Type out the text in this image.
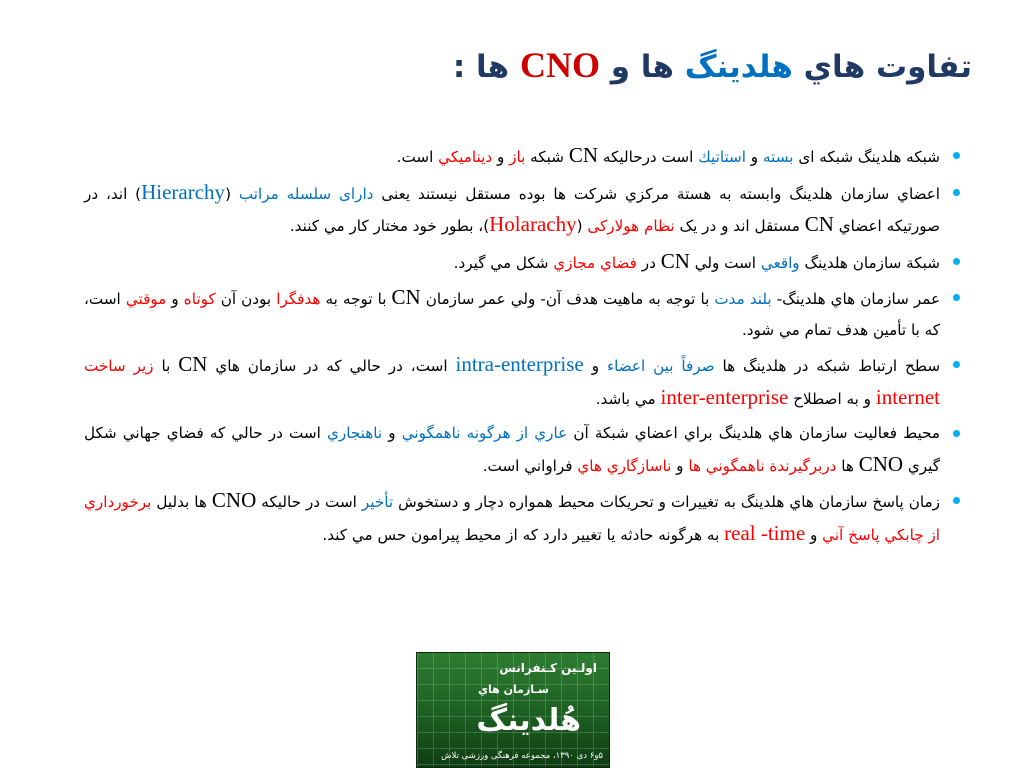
تفاوت هاي هلدينگ ها و CNO ها :
شبكه هلدينگ شبكه ای بسته و استاتيك است درحاليكه CN شبكه باز و ديناميكي است.
اعضاي سازمان هلدينگ وابسته به هستة مركزي شركت ها بوده مستقل نيستند يعنی دارای سلسله مراتب (Hierarchy) اند، در صورتيكه اعضاي CN مستقل اند و در يک نظام هولاركی (Holarachy)، بطور خود مختار کار مي كنند.
شبكة سازمان هلدينگ واقعي است ولي CN در فضاي مجازي شكل مي گيرد.
عمر سازمان هاي هلدينگ- بلند مدت با توجه به ماهيت هدف آن- ولي عمر سازمان CN با توجه به هدفگرا بودن آن كوتاه و موقتي است، كه با تأمين هدف تمام مي شود.
سطح ارتباط شبكه در هلدينگ ها صرفاً بين اعضاء و intra-enterprise است، در حالي كه در سازمان هاي CN با زير ساخت internet و به اصطلاح inter-enterprise مي باشد.
محيط فعاليت سازمان هاي هلدينگ براي اعضاي شبكة آن عاري از هرگونه ناهمگوني و ناهنجاري است در حالي كه فضاي جهاني شكل گيري CNO ها دربرگيرندة ناهمگوني ها و ناسازگاري هاي فراواني است.
زمان پاسخ سازمان هاي هلدينگ به تغييرات و تحريكات محيط همواره دچار و دستخوش تأخير است در حاليكه CNO ها بدليل برخورداري از چابكي پاسخ آني و real -time به هرگونه حادثه يا تغيير دارد كه از محيط پيرامون حس مي كند.
اولـين كـنفرانس
سـازمان هاي
هُلدينگ
۵و۶ دی ۱۳۹۰، مجموعه فرهنگی ورزشی تلاش
